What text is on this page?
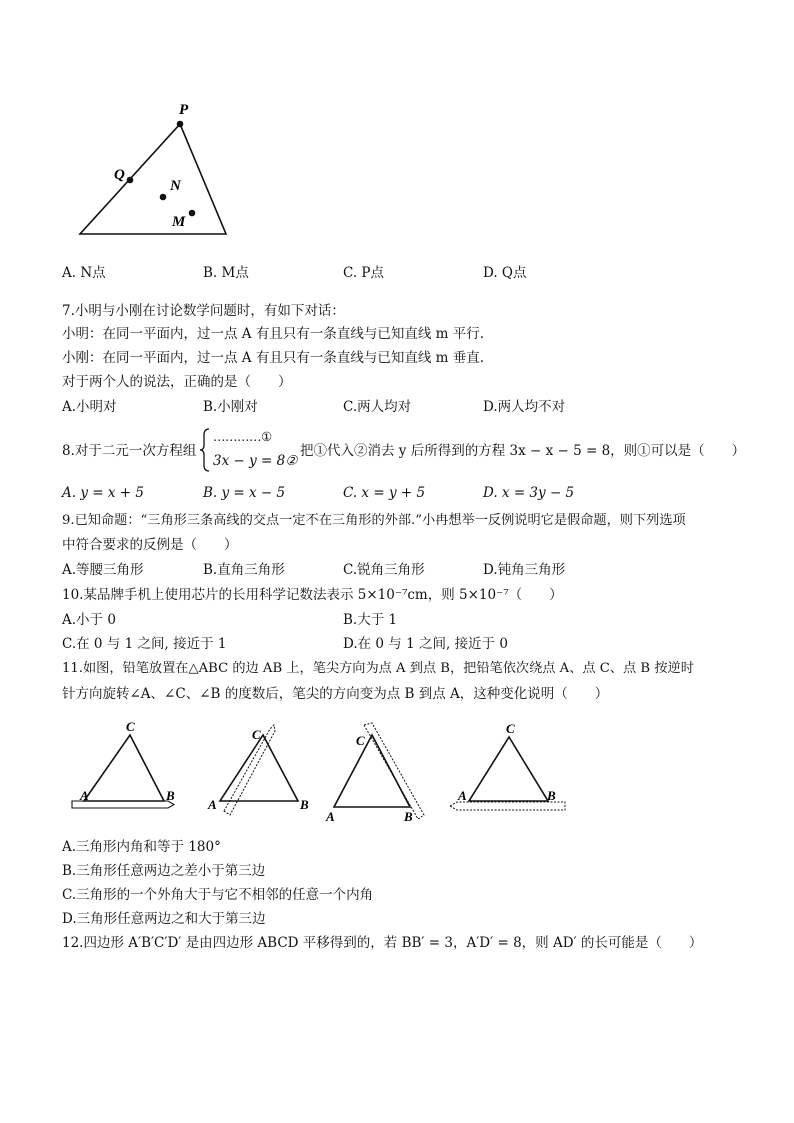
P
Q
N
M
A. N点	B. M点	C. P点	D. Q点
7.小明与小刚在讨论数学问题时，有如下对话：
小明：在同一平面内，过一点 A 有且只有一条直线与已知直线 m 平行.
小刚：在同一平面内，过一点 A 有且只有一条直线与已知直线 m 垂直.
对于两个人的说法，正确的是（　　）
A.小明对	B.小刚对	C.两人均对	D.两人均不对
8.对于二元一次方程组
…………①
3x − y = 8②
把①代入②消去 y 后所得到的方程 3x − x − 5 = 8，则①可以是（　　）
A. y = x + 5	B. y = x − 5	C. x = y + 5	D. x = 3y − 5
9.已知命题：“三角形三条高线的交点一定不在三角形的外部.”小冉想举一反例说明它是假命题，则下列选项
中符合要求的反例是（　　）
A.等腰三角形	B.直角三角形	C.锐角三角形	D.钝角三角形
10.某品牌手机上使用芯片的长用科学记数法表示 5×10⁻⁷cm，则 5×10⁻⁷（　　）
A.小于 0	B.大于 1
C.在 0 与 1 之间, 接近于 1	D.在 0 与 1 之间, 接近于 0
11.如图，铅笔放置在△ABC 的边 AB 上，笔尖方向为点 A 到点 B，把铅笔依次绕点 A、点 C、点 B 按逆时
针方向旋转∠A、∠C、∠B 的度数后，笔尖的方向变为点 B 到点 A，这种变化说明（　　）
C
A	B
C
A	B
C
A	B
C
A	B
A.三角形内角和等于 180°
B.三角形任意两边之差小于第三边
C.三角形的一个外角大于与它不相邻的任意一个内角
D.三角形任意两边之和大于第三边
12.四边形 A′B′C′D′ 是由四边形 ABCD 平移得到的，若 BB′ = 3，A′D′ = 8，则 AD′ 的长可能是（　　）
